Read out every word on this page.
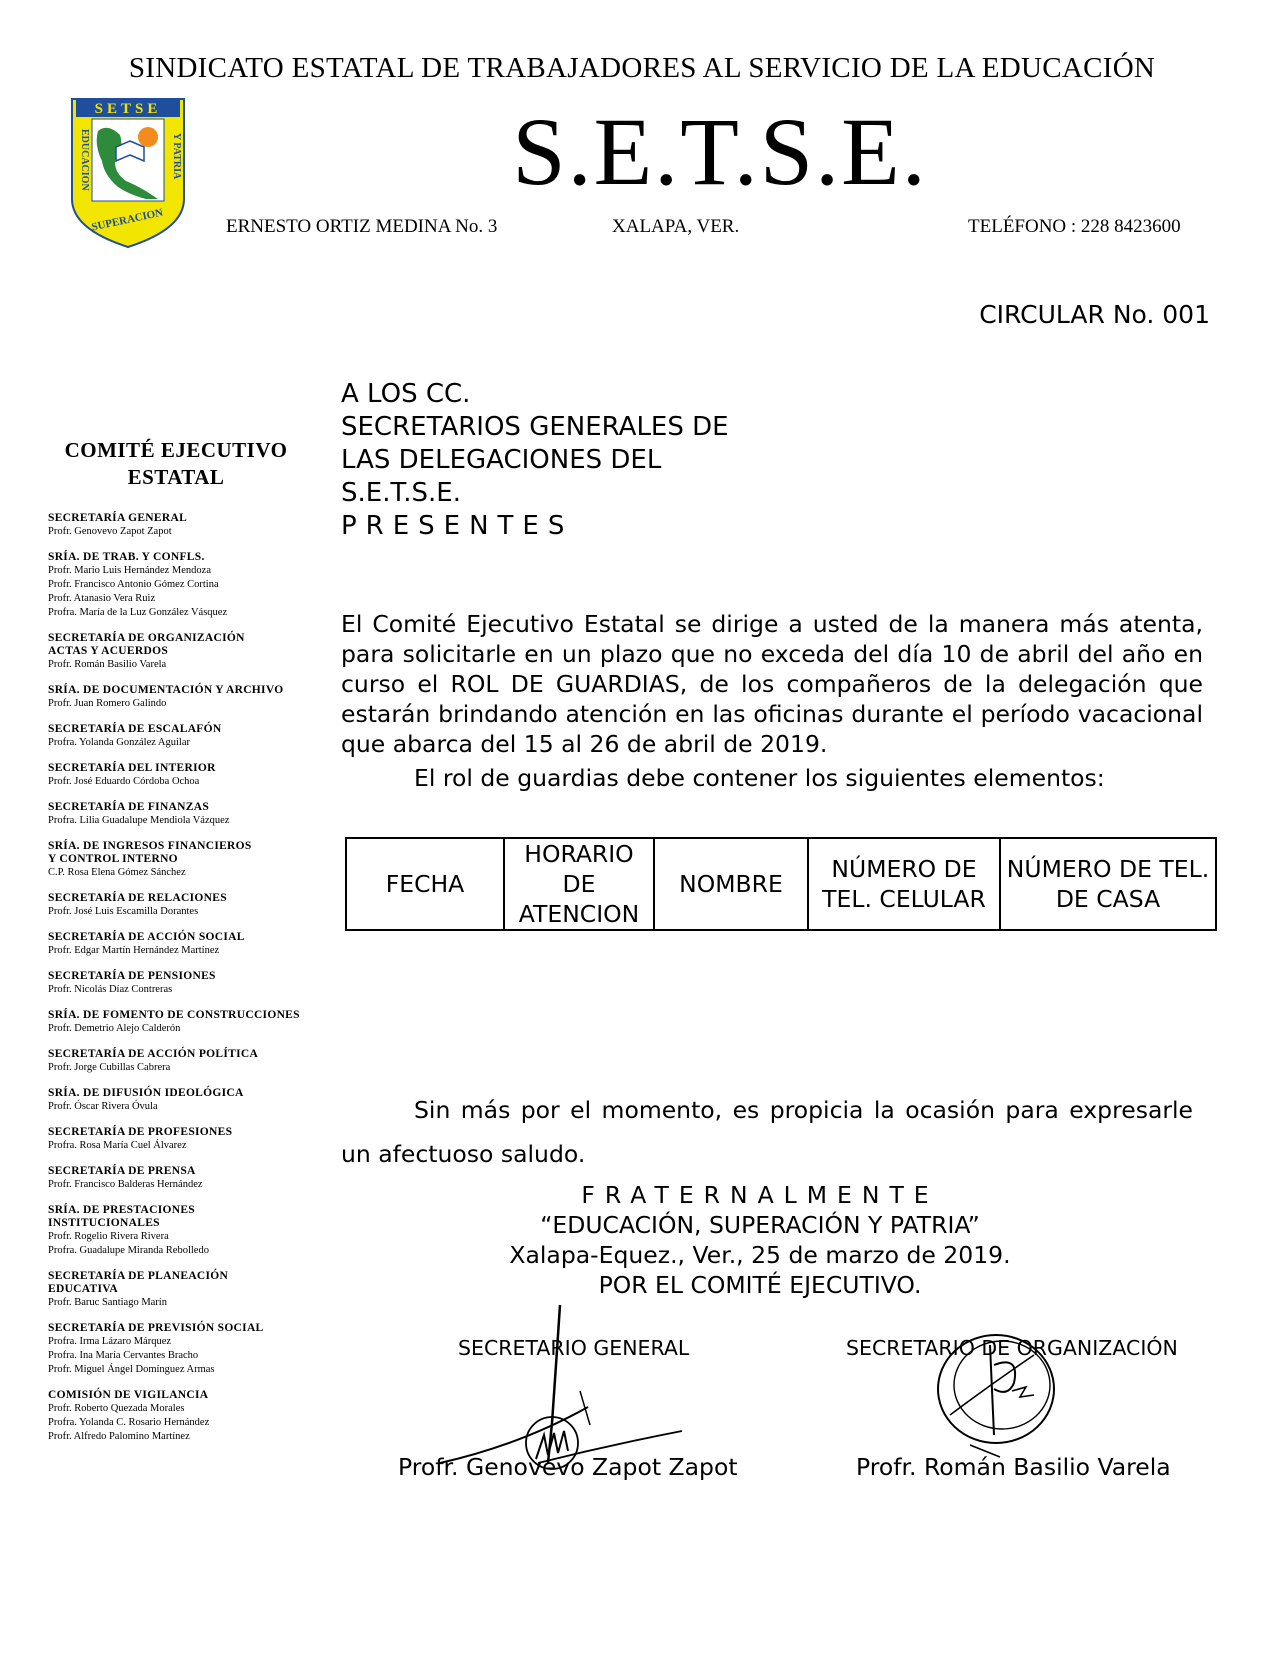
SINDICATO ESTATAL DE TRABAJADORES AL SERVICIO DE LA EDUCACIÓN
SETSE
EDUCACION	Y PATRIA
SUPERACION
S.E.T.S.E.
ERNESTO ORTIZ MEDINA No. 3	XALAPA, VER.	TELÉFONO : 228 8423600
CIRCULAR No. 001
COMITÉ EJECUTIVO ESTATAL
SECRETARÍA GENERAL
Profr. Genovevo Zapot Zapot
SRÍA. DE TRAB. Y CONFLS.
Profr. Mario Luis Hernández Mendoza
Profr. Francisco Antonio Gómez Cortina
Profr. Atanasio Vera Ruiz
Profra. María de la Luz González Vásquez
SECRETARÍA DE ORGANIZACIÓN
ACTAS Y ACUERDOS
Profr. Román Basilio Varela
SRÍA. DE DOCUMENTACIÓN Y ARCHIVO
Profr. Juan Romero Galindo
SECRETARÍA DE ESCALAFÓN
Profra. Yolanda González Aguilar
SECRETARÍA DEL INTERIOR
Profr. José Eduardo Córdoba Ochoa
SECRETARÍA DE FINANZAS
Profra. Lilia Guadalupe Mendiola Vázquez
SRÍA. DE INGRESOS FINANCIEROS
Y CONTROL INTERNO
C.P. Rosa Elena Gómez Sánchez
SECRETARÍA DE RELACIONES
Profr. José Luis Escamilla Dorantes
SECRETARÍA DE ACCIÓN SOCIAL
Profr. Edgar Martín Hernández Martínez
SECRETARÍA DE PENSIONES
Profr. Nicolás Díaz Contreras
SRÍA. DE FOMENTO DE CONSTRUCCIONES
Profr. Demetrio Alejo Calderón
SECRETARÍA DE ACCIÓN POLÍTICA
Profr. Jorge Cubillas Cabrera
SRÍA. DE DIFUSIÓN IDEOLÓGICA
Profr. Óscar Rivera Óvula
SECRETARÍA DE PROFESIONES
Profra. Rosa María Cuel Álvarez
SECRETARÍA DE PRENSA
Profr. Francisco Balderas Hernández
SRÍA. DE PRESTACIONES
INSTITUCIONALES
Profr. Rogelio Rivera Rivera
Profra. Guadalupe Miranda Rebolledo
SECRETARÍA DE PLANEACIÓN
EDUCATIVA
Profr. Baruc Santiago Marín
SECRETARÍA DE PREVISIÓN SOCIAL
Profra. Irma Lázaro Márquez
Profra. Ina María Cervantes Bracho
Profr. Miguel Ángel Domínguez Armas
COMISIÓN DE VIGILANCIA
Profr. Roberto Quezada Morales
Profra. Yolanda C. Rosario Hernández
Profr. Alfredo Palomino Martínez
A LOS CC.
SECRETARIOS GENERALES DE
LAS DELEGACIONES DEL
S.E.T.S.E.
PRESENTES
El Comité Ejecutivo Estatal se dirige a usted de la manera más atenta, para solicitarle en un plazo que no exceda del día 10 de abril del año en curso el ROL DE GUARDIAS, de los compañeros de la delegación que estarán brindando atención en las oficinas durante el período vacacional que abarca del 15 al 26 de abril de 2019.
El rol de guardias debe contener los siguientes elementos:
FECHA	HORARIO DE ATENCION	NOMBRE	NÚMERO DE TEL. CELULAR	NÚMERO DE TEL. DE CASA
Sin más por el momento, es propicia la ocasión para expresarle un afectuoso saludo.
FRATERNALMENTE
“EDUCACIÓN, SUPERACIÓN Y PATRIA”
Xalapa-Equez., Ver., 25 de marzo de 2019.
POR EL COMITÉ EJECUTIVO.
SECRETARIO GENERAL	SECRETARIO DE ORGANIZACIÓN
Profr. Genovevo Zapot Zapot	Profr. Román Basilio Varela
